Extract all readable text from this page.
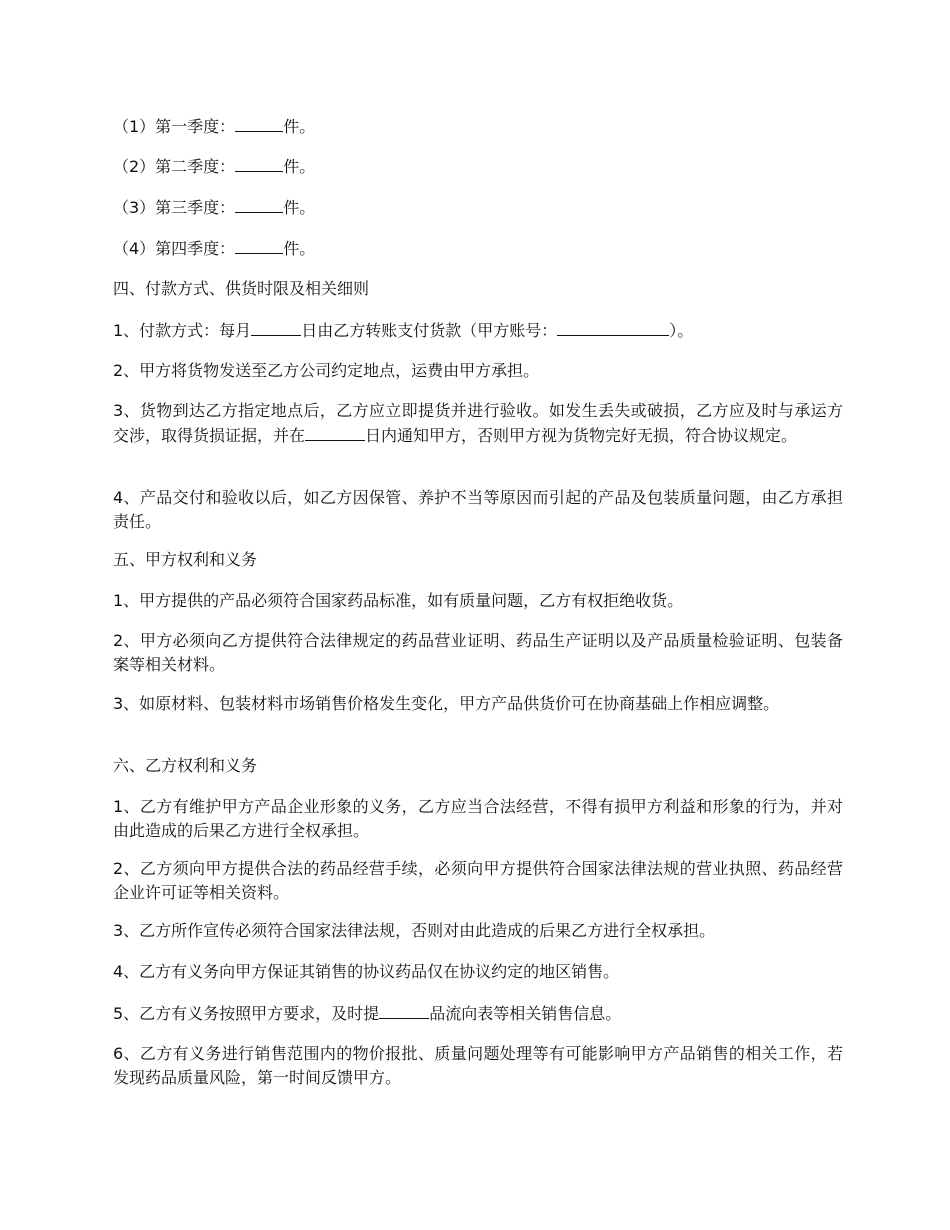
（1）第一季度：	件。

（2）第二季度：	件。

（3）第三季度：	件。

（4）第四季度：	件。

四、付款方式、供货时限及相关细则

1、付款方式：每月	日由乙方转账支付货款（甲方账号：	）。

2、甲方将货物发送至乙方公司约定地点，运费由甲方承担。

3、货物到达乙方指定地点后，乙方应立即提货并进行验收。如发生丢失或破损，乙方应及时与承运方交涉，取得货损证据，并在	日内通知甲方，否则甲方视为货物完好无损，符合协议规定。

4、产品交付和验收以后，如乙方因保管、养护不当等原因而引起的产品及包装质量问题，由乙方承担责任。

五、甲方权利和义务

1、甲方提供的产品必须符合国家药品标准，如有质量问题，乙方有权拒绝收货。

2、甲方必须向乙方提供符合法律规定的药品营业证明、药品生产证明以及产品质量检验证明、包装备案等相关材料。

3、如原材料、包装材料市场销售价格发生变化，甲方产品供货价可在协商基础上作相应调整。

六、乙方权利和义务

1、乙方有维护甲方产品企业形象的义务，乙方应当合法经营，不得有损甲方利益和形象的行为，并对由此造成的后果乙方进行全权承担。

2、乙方须向甲方提供合法的药品经营手续，必须向甲方提供符合国家法律法规的营业执照、药品经营企业许可证等相关资料。

3、乙方所作宣传必须符合国家法律法规，否则对由此造成的后果乙方进行全权承担。

4、乙方有义务向甲方保证其销售的协议药品仅在协议约定的地区销售。

5、乙方有义务按照甲方要求，及时提	品流向表等相关销售信息。

6、乙方有义务进行销售范围内的物价报批、质量问题处理等有可能影响甲方产品销售的相关工作，若发现药品质量风险，第一时间反馈甲方。
